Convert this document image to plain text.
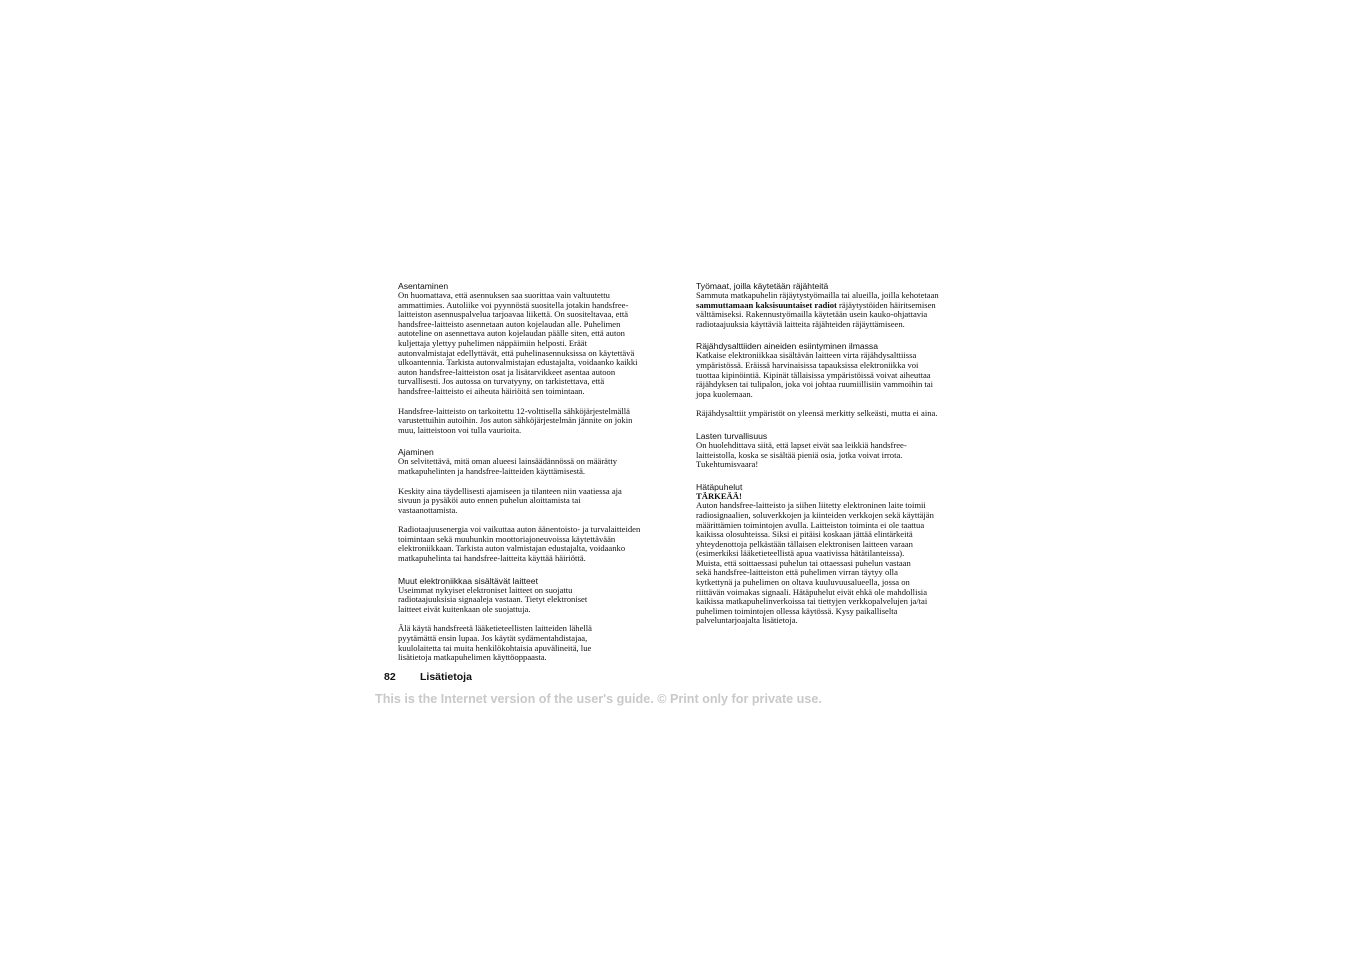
Asentaminen

On huomattava, että asennuksen saa suorittaa vain valtuutettu
ammattimies. Autoliike voi pyynnöstä suositella jotakin handsfree-
laitteiston asennuspalvelua tarjoavaa liikettä. On suositeltavaa, että
handsfree-laitteisto asennetaan auton kojelaudan alle. Puhelimen
autoteline on asennettava auton kojelaudan päälle siten, että auton
kuljettaja ylettyy puhelimen näppäimiin helposti. Eräät
autonvalmistajat edellyttävät, että puhelinasennuksissa on käytettävä
ulkoantennia. Tarkista autonvalmistajan edustajalta, voidaanko kaikki
auton handsfree-laitteiston osat ja lisätarvikkeet asentaa autoon
turvallisesti. Jos autossa on turvatyyny, on tarkistettava, että
handsfree-laitteisto ei aiheuta häiriöitä sen toimintaan.

Handsfree-laitteisto on tarkoitettu 12-volttisella sähköjärjestelmällä
varustettuihin autoihin. Jos auton sähköjärjestelmän jännite on jokin
muu, laitteistoon voi tulla vaurioita.

Ajaminen

On selvitettävä, mitä oman alueesi lainsäädännössä on määrätty
matkapuhelinten ja handsfree-laitteiden käyttämisestä.

Keskity aina täydellisesti ajamiseen ja tilanteen niin vaatiessa aja
sivuun ja pysäköi auto ennen puhelun aloittamista tai
vastaanottamista.

Radiotaajuusenergia voi vaikuttaa auton äänentoisto- ja turvalaitteiden
toimintaan sekä muuhunkin moottoriajoneuvoissa käytettävään
elektroniikkaan. Tarkista auton valmistajan edustajalta, voidaanko
matkapuhelinta tai handsfree-laitteita käyttää häiriöttä.

Muut elektroniikkaa sisältävät laitteet

Useimmat nykyiset elektroniset laitteet on suojattu
radiotaajuuksisia signaaleja vastaan. Tietyt elektroniset
laitteet eivät kuitenkaan ole suojattuja.

Älä käytä handsfreetä lääketieteellisten laitteiden lähellä
pyytämättä ensin lupaa. Jos käytät sydämentahdistajaa,
kuulolaitetta tai muita henkilökohtaisia apuvälineitä, lue
lisätietoja matkapuhelimen käyttöoppaasta.

Työmaat, joilla käytetään räjähteitä

Sammuta matkapuhelin räjäytystyömailla tai alueilla, joilla kehotetaan
sammuttamaan kaksisuuntaiset radiot räjäytystöiden häiritsemisen
välttämiseksi. Rakennustyömailla käytetään usein kauko-ohjattavia
radiotaajuuksia käyttäviä laitteita räjähteiden räjäyttämiseen.

Räjähdysalttiiden aineiden esiintyminen ilmassa

Katkaise elektroniikkaa sisältävän laitteen virta räjähdysalttiissa
ympäristössä. Eräissä harvinaisissa tapauksissa elektroniikka voi
tuottaa kipinöintiä. Kipinät tällaisissa ympäristöissä voivat aiheuttaa
räjähdyksen tai tulipalon, joka voi johtaa ruumiillisiin vammoihin tai
jopa kuolemaan.

Räjähdysalttiit ympäristöt on yleensä merkitty selkeästi, mutta ei aina.

Lasten turvallisuus

On huolehdittava siitä, että lapset eivät saa leikkiä handsfree-
laitteistolla, koska se sisältää pieniä osia, jotka voivat irrota.
Tukehtumisvaara!

Hätäpuhelut

TÄRKEÄÄ!

Auton handsfree-laitteisto ja siihen liitetty elektroninen laite toimii
radiosignaalien, soluverkkojen ja kiinteiden verkkojen sekä käyttäjän
määrittämien toimintojen avulla. Laitteiston toiminta ei ole taattua
kaikissa olosuhteissa. Siksi ei pitäisi koskaan jättää elintärkeitä
yhteydenottoja pelkästään tällaisen elektronisen laitteen varaan
(esimerkiksi lääketieteellistä apua vaativissa hätätilanteissa).
Muista, että soittaessasi puhelun tai ottaessasi puhelun vastaan
sekä handsfree-laitteiston että puhelimen virran täytyy olla
kytkettynä ja puhelimen on oltava kuuluvuusalueella, jossa on
riittävän voimakas signaali. Hätäpuhelut eivät ehkä ole mahdollisia
kaikissa matkapuhelinverkoissa tai tiettyjen verkkopalvelujen ja/tai
puhelimen toimintojen ollessa käytössä. Kysy paikalliselta
palveluntarjoajalta lisätietoja.

82 Lisätietoja
This is the Internet version of the user's guide. © Print only for private use.
